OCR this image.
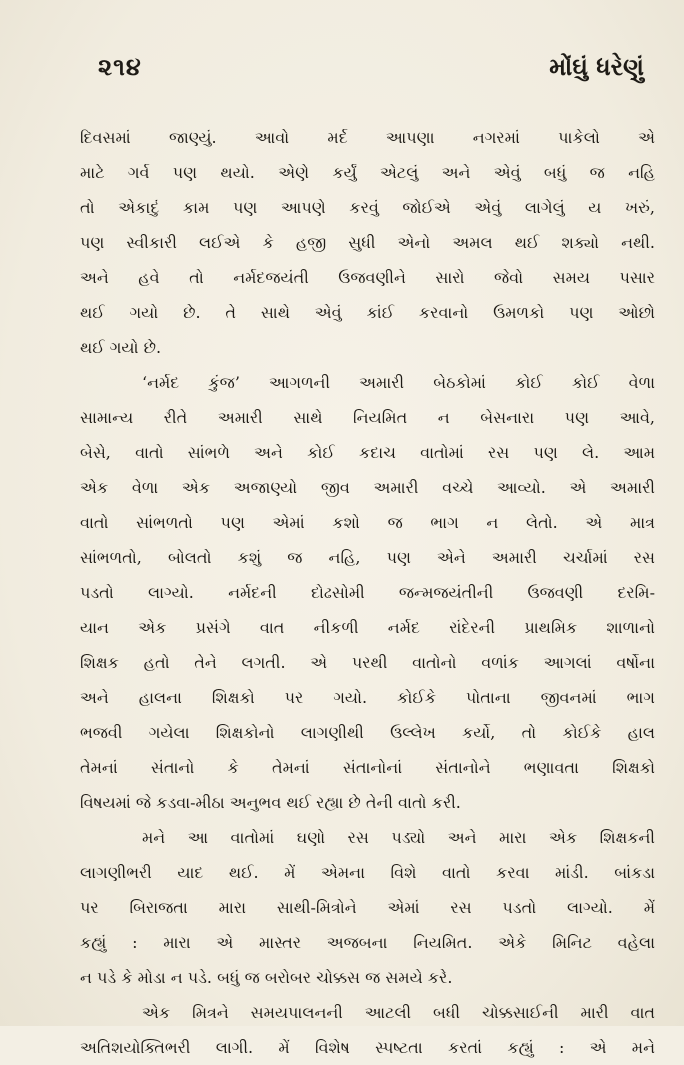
૨૧૪	મોંઘું ધરેણું
દિવસમાં જાણ્યું. આવો મર્દ આપણા નગરમાં પાકેલો એ
માટે ગર્વ પણ થયો. એણે કર્યું એટલું અને એવું બધું જ નહિ
તો એકાદું કામ પણ આપણે કરવું જોઈએ એવું લાગેલું ય ખરું,
પણ સ્વીકારી લઈએ કે હજી સુધી એનો અમલ થઈ શક્યો નથી.
અને હવે તો નર્મદજયંતી ઉજવણીને સારો જેવો સમય પસાર
થઈ ગયો છે. તે સાથે એવું કાંઈ કરવાનો ઉમળકો પણ ઓછો
થઈ ગયો છે.
‘નર્મદ કુંજ’ આગળની અમારી બેઠકોમાં કોઈ કોઈ વેળા
સામાન્ય રીતે અમારી સાથે નિયમિત ન બેસનારા પણ આવે,
બેસે, વાતો સાંભળે અને કોઈ કદાચ વાતોમાં રસ પણ લે. આમ
એક વેળા એક અજાણ્યો જીવ અમારી વચ્ચે આવ્યો. એ અમારી
વાતો સાંભળતો પણ એમાં કશો જ ભાગ ન લેતો. એ માત્ર
સાંભળતો, બોલતો કશું જ નહિ, પણ એને અમારી ચર્ચામાં રસ
પડતો લાગ્યો. નર્મદની દોઢસોમી જન્મજયંતીની ઉજવણી દરમિ-
યાન એક પ્રસંગે વાત નીકળી નર્મદ રાંદેરની પ્રાથમિક શાળાનો
શિક્ષક હતો તેને લગતી. એ પરથી વાતોનો વળાંક આગલાં વર્ષોના
અને હાલના શિક્ષકો પર ગયો. કોઈકે પોતાના જીવનમાં ભાગ
ભજવી ગયેલા શિક્ષકોનો લાગણીથી ઉલ્લેખ કર્યો, તો કોઈકે હાલ
તેમનાં સંતાનો કે તેમનાં સંતાનોનાં સંતાનોને ભણાવતા શિક્ષકો
વિષયમાં જે કડવા-મીઠા અનુભવ થઈ રહ્યા છે તેની વાતો કરી.
મને આ વાતોમાં ઘણો રસ પડ્યો અને મારા એક શિક્ષકની
લાગણીભરી યાદ થઈ. મેં એમના વિશે વાતો કરવા માંડી. બાંકડા
પર બિરાજતા મારા સાથી-મિત્રોને એમાં રસ પડતો લાગ્યો. મેં
કહ્યું : મારા એ માસ્તર અજબના નિયમિત. એકે મિનિટ વહેલા
ન પડે કે મોડા ન પડે. બધું જ બરોબર ચોક્કસ જ સમયે કરે.
એક મિત્રને સમયપાલનની આટલી બધી ચોક્કસાઈની મારી વાત
અતિશયોક્તિભરી લાગી. મેં વિશેષ સ્પષ્ટતા કરતાં કહ્યું : એ મને
